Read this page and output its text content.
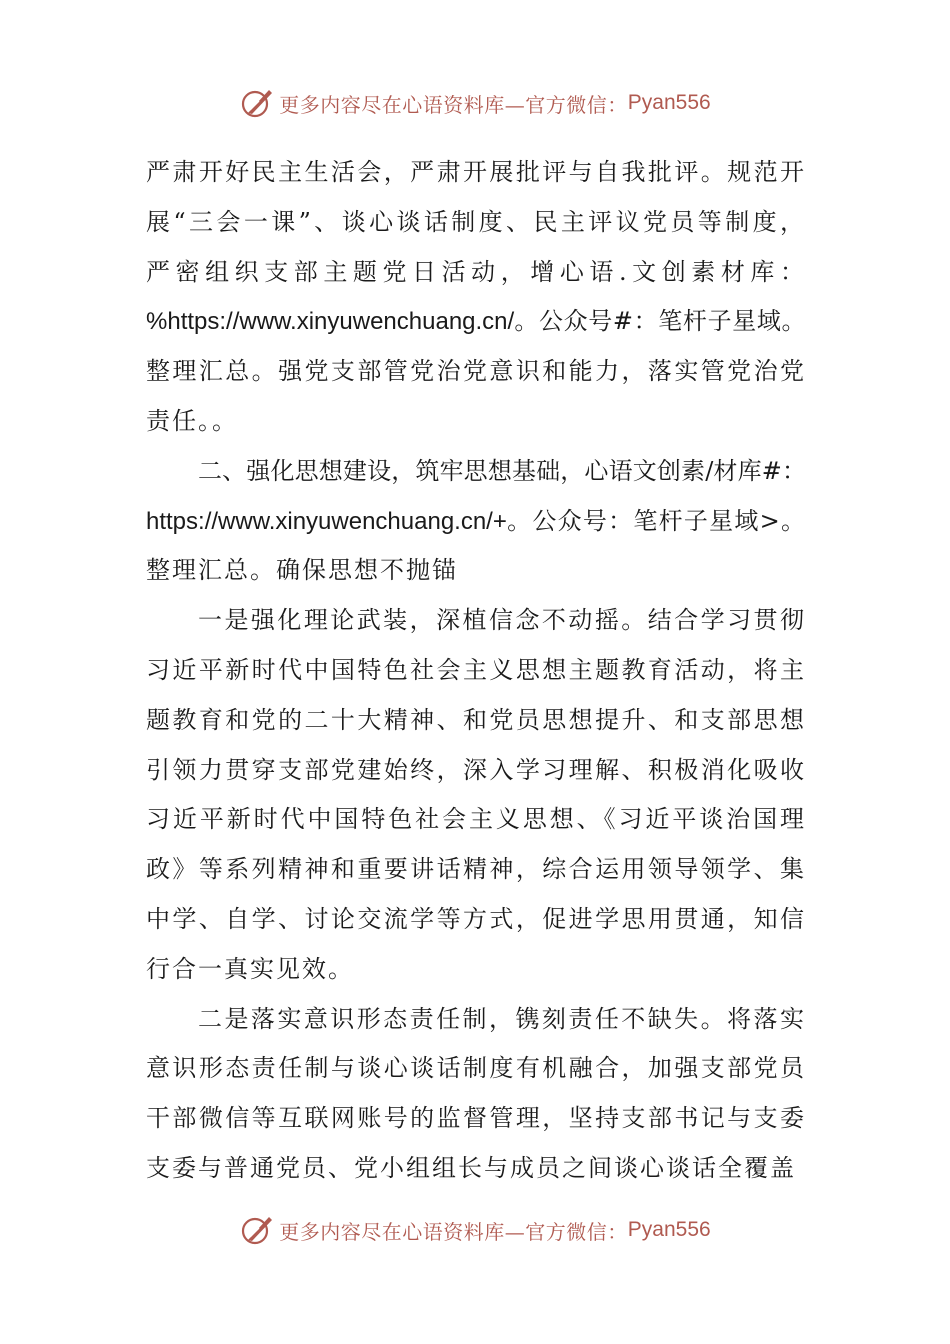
更多内容尽在心语资料库—官方微信： Pyan556
严肃开好民主生活会，严肃开展批评与自我批评。规范开
展“三会一课”、谈心谈话制度、民主评议党员等制度，
严密组织支部主题党日活动，增心语.文创素材库：
%https://www.xinyuwenchuang.cn/。公众号#：笔杆子星域。
整理汇总。强党支部管党治党意识和能力，落实管党治党
责任。。
二、强化思想建设，筑牢思想基础，心语文创素/材库#：
https://www.xinyuwenchuang.cn/+。公众号：笔杆子星域>。
整理汇总。确保思想不抛锚
一是强化理论武装，深植信念不动摇。结合学习贯彻
习近平新时代中国特色社会主义思想主题教育活动，将主
题教育和党的二十大精神、和党员思想提升、和支部思想
引领力贯穿支部党建始终，深入学习理解、积极消化吸收
习近平新时代中国特色社会主义思想、《习近平谈治国理
政》等系列精神和重要讲话精神，综合运用领导领学、集
中学、自学、讨论交流学等方式，促进学思用贯通，知信
行合一真实见效。
二是落实意识形态责任制，镌刻责任不缺失。将落实
意识形态责任制与谈心谈话制度有机融合，加强支部党员
干部微信等互联网账号的监督管理，坚持支部书记与支委
支委与普通党员、党小组组长与成员之间谈心谈话全覆盖
更多内容尽在心语资料库—官方微信： Pyan556
